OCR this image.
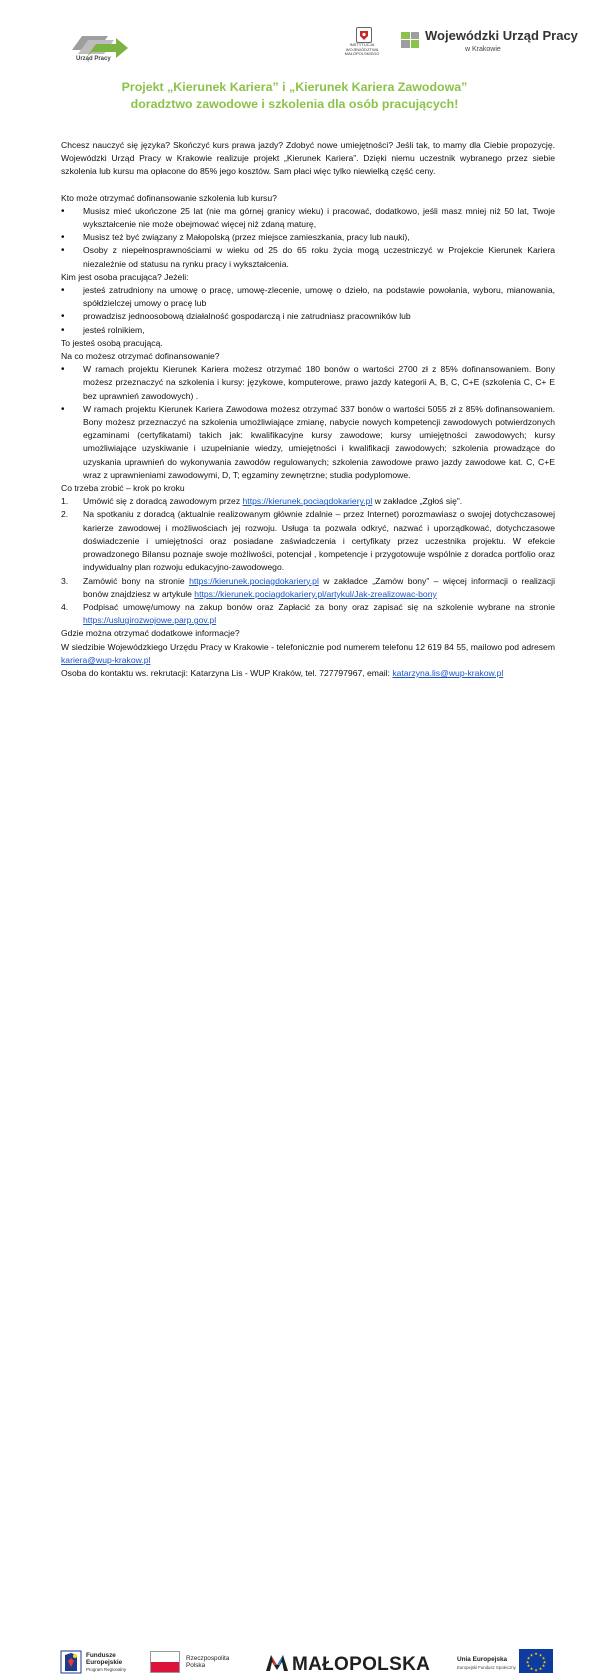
Urząd Pracy
INSTYTUCJA WOJEWÓDZTWA MAŁOPOLSKIEGO
Wojewódzki Urząd Pracy
w Krakowie
Projekt „Kierunek Kariera” i „Kierunek Kariera Zawodowa”
doradztwo zawodowe i szkolenia dla osób pracujących!

Chcesz nauczyć się języka? Skończyć kurs prawa jazdy? Zdobyć nowe umiejętności? Jeśli tak, to mamy dla Ciebie propozycję. Wojewódzki Urząd Pracy w Krakowie realizuje projekt „Kierunek Kariera”. Dzięki niemu uczestnik wybranego przez siebie szkolenia lub kursu ma opłacone do 85% jego kosztów. Sam płaci więc tylko niewielką część ceny.

Kto może otrzymać dofinansowanie szkolenia lub kursu?

• Musisz mieć ukończone 25 lat (nie ma górnej granicy wieku) i pracować, dodatkowo, jeśli masz mniej niż 50 lat, Twoje wykształcenie nie może obejmować więcej niż zdaną maturę,
• Musisz też być związany z Małopolską (przez miejsce zamieszkania, pracy lub nauki),
• Osoby z niepełnosprawnościami w wieku od 25 do 65 roku życia mogą uczestniczyć w Projekcie Kierunek Kariera niezależnie od statusu na rynku pracy i wykształcenia.

Kim jest osoba pracująca? Jeżeli:

• jesteś zatrudniony na umowę o pracę, umowę-zlecenie, umowę o dzieło, na podstawie powołania, wyboru, mianowania, spółdzielczej umowy o pracę lub
• prowadzisz jednoosobową działalność gospodarczą i nie zatrudniasz pracowników lub
• jesteś rolnikiem,

To jesteś osobą pracującą.

Na co możesz otrzymać dofinansowanie?

• W ramach projektu Kierunek Kariera możesz otrzymać 180 bonów o wartości 2700 zł z 85% dofinansowaniem. Bony możesz przeznaczyć na szkolenia i kursy: językowe, komputerowe, prawo jazdy kategorii A, B, C, C+E (szkolenia C, C+ E bez uprawnień zawodowych) .
• W ramach projektu Kierunek Kariera Zawodowa możesz otrzymać 337 bonów o wartości 5055 zł z 85% dofinansowaniem. Bony możesz przeznaczyć na szkolenia umożliwiające zmianę, nabycie nowych kompetencji zawodowych potwierdzonych egzaminami (certyfikatami) takich jak: kwalifikacyjne kursy zawodowe; kursy umiejętności zawodowych; kursy umożliwiające uzyskiwanie i uzupełnianie wiedzy, umiejętności i kwalifikacji zawodowych; szkolenia prowadzące do uzyskania uprawnień do wykonywania zawodów regulowanych; szkolenia zawodowe prawo jazdy zawodowe kat. C, C+E wraz z uprawnieniami zawodowymi, D, T; egzaminy zewnętrzne; studia podyplomowe.

Co trzeba zrobić – krok po kroku

1. Umówić się z doradcą zawodowym przez https://kierunek.pociagdokariery.pl w zakładce „Zgłoś się”.
2. Na spotkaniu z doradcą (aktualnie realizowanym głównie zdalnie – przez Internet) porozmawiasz o swojej dotychczasowej karierze zawodowej i możliwościach jej rozwoju. Usługa ta pozwala odkryć, nazwać i uporządkować, dotychczasowe doświadczenie i umiejętności oraz posiadane zaświadczenia i certyfikaty przez uczestnika projektu. W efekcie prowadzonego Bilansu poznaje swoje możliwości, potencjał , kompetencje i przygotowuje wspólnie z doradca portfolio oraz indywidualny plan rozwoju edukacyjno-zawodowego.
3. Zamówić bony na stronie https://kierunek.pociagdokariery.pl w zakładce „Zamów bony” – więcej informacji o realizacji bonów znajdziesz w artykule https://kierunek.pociagdokariery.pl/artykul/Jak-zrealizowac-bony
4. Podpisać umowę/umowy na zakup bonów oraz Zapłacić za bony oraz zapisać się na szkolenie wybrane na stronie https://uslugirozwojowe.parp.gov.pl

Gdzie można otrzymać dodatkowe informacje?

W siedzibie Wojewódzkiego Urzędu Pracy w Krakowie - telefonicznie pod numerem telefonu 12 619 84 55, mailowo pod adresem kariera@wup-krakow.pl

Osoba do kontaktu ws. rekrutacji: Katarzyna Lis - WUP Kraków, tel. 727797967, email: katarzyna.lis@wup-krakow.pl

Fundusze
Europejskie
Program Regionalny
Rzeczpospolita
Polska	MAŁOPOLSKA	Unia Europejska
Europejski Fundusz Społeczny
★ ★
★
★
★
★
★
★
★
★
★
★
